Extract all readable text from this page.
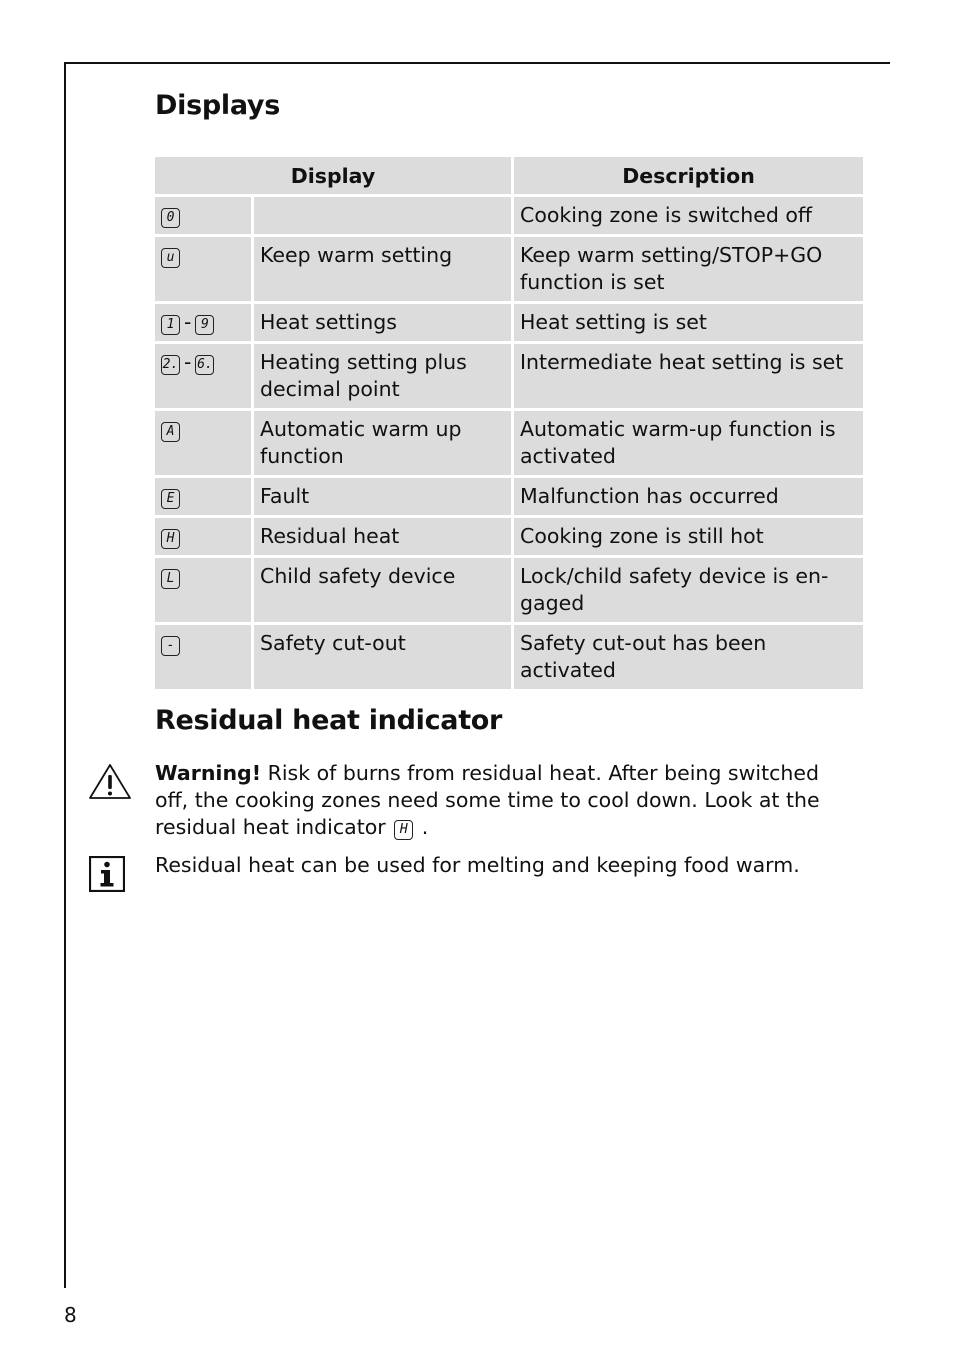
Displays
Display		Description
0		Cooking zone is switched off
u	Keep warm setting	Keep warm setting/STOP+GO function is set
1 - 9	Heat settings	Heat setting is set
2. - 6.	Heating setting plus decimal point	Intermediate heat setting is set
A	Automatic warm up function	Automatic warm-up function is activated
E	Fault	Malfunction has occurred
H	Residual heat	Cooking zone is still hot
L	Child safety device	Lock/child safety device is en-gaged
-	Safety cut-out	Safety cut-out has been activated
Residual heat indicator
Warning! Risk of burns from residual heat. After being switched off, the cooking zones need some time to cool down. Look at the residual heat indicator H .
Residual heat can be used for melting and keeping food warm.
8
